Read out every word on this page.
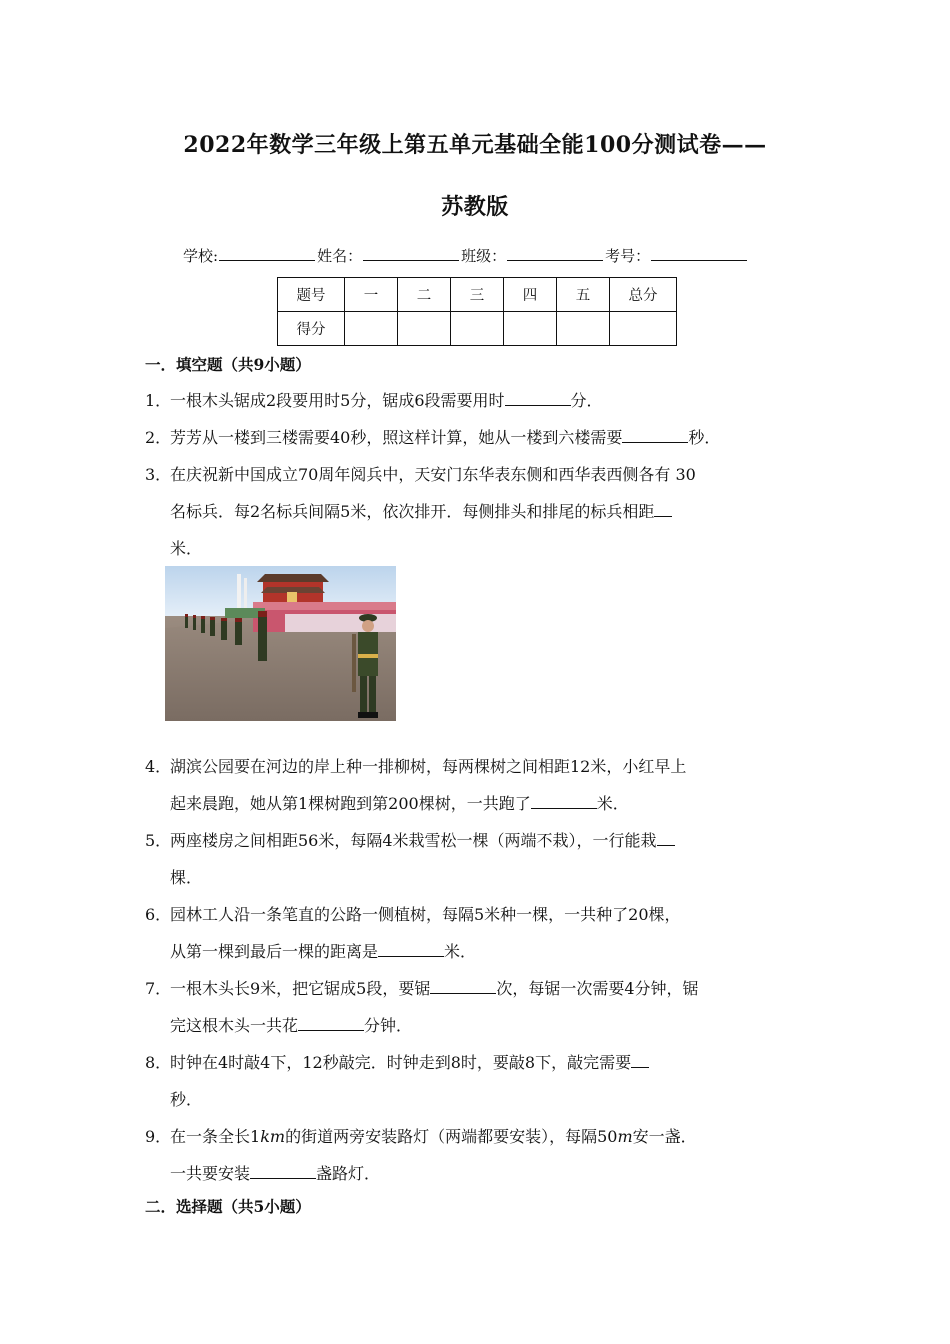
2022年数学三年级上第五单元基础全能100分测试卷——
苏教版
学校:	姓名：	班级：	考号：
题号	一	二	三	四	五	总分
得分						
一．填空题（共9小题）
1．
一根木头锯成2段要用时5分，锯成6段需要用时	分．
2．
芳芳从一楼到三楼需要40秒，照这样计算，她从一楼到六楼需要	秒．
3．
在庆祝新中国成立70周年阅兵中，天安门东华表东侧和西华表西侧各有 30
名标兵．每2名标兵间隔5米，依次排开．每侧排头和排尾的标兵相距
米．
4．
湖滨公园要在河边的岸上种一排柳树，每两棵树之间相距12米，小红早上
起来晨跑，她从第1棵树跑到第200棵树，一共跑了	米．
5．
两座楼房之间相距56米，每隔4米栽雪松一棵（两端不栽），一行能栽
棵．
6．
园林工人沿一条笔直的公路一侧植树，每隔5米种一棵，一共种了20棵，
从第一棵到最后一棵的距离是	米．
7．
一根木头长9米，把它锯成5段，要锯	次，每锯一次需要4分钟，锯
完这根木头一共花	分钟．
8．
时钟在4时敲4下，12秒敲完．时钟走到8时，要敲8下，敲完需要
秒．
9．
在一条全长1km的街道两旁安装路灯（两端都要安装），每隔50m安一盏．
一共要安装	盏路灯．
二．选择题（共5小题）
